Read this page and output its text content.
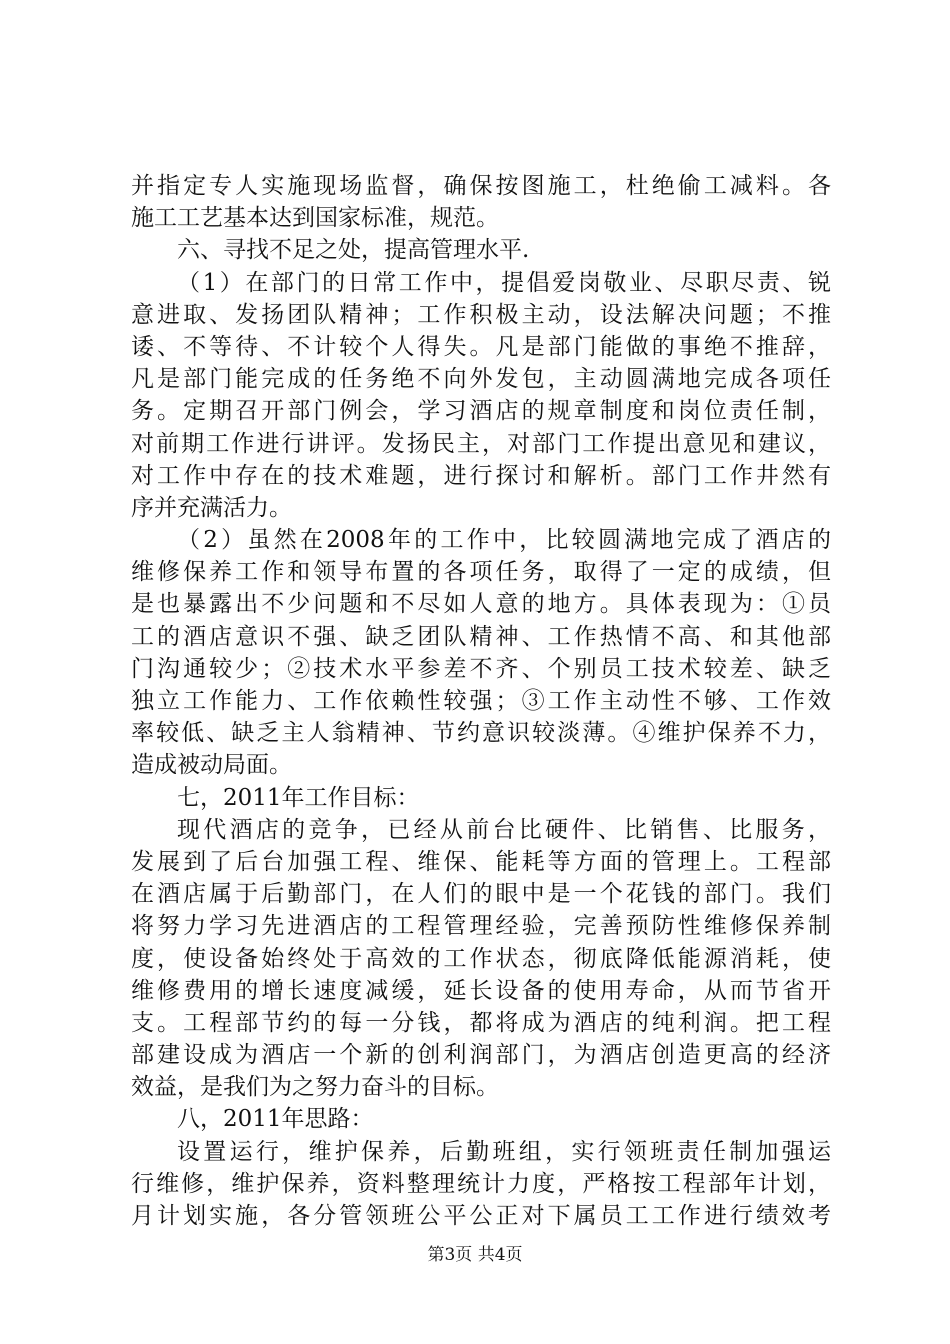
并指定专人实施现场监督，确保按图施工，杜绝偷工减料。各
施工工艺基本达到国家标准，规范。
六、寻找不足之处，提高管理水平.
（1）在部门的日常工作中，提倡爱岗敬业、尽职尽责、锐
意进取、发扬团队精神；工作积极主动，设法解决问题；不推
诿、不等待、不计较个人得失。凡是部门能做的事绝不推辞，
凡是部门能完成的任务绝不向外发包，主动圆满地完成各项任
务。定期召开部门例会，学习酒店的规章制度和岗位责任制，
对前期工作进行讲评。发扬民主，对部门工作提出意见和建议，
对工作中存在的技术难题，进行探讨和解析。部门工作井然有
序并充满活力。
（2）虽然在2008年的工作中，比较圆满地完成了酒店的
维修保养工作和领导布置的各项任务，取得了一定的成绩，但
是也暴露出不少问题和不尽如人意的地方。具体表现为：①员
工的酒店意识不强、缺乏团队精神、工作热情不高、和其他部
门沟通较少；②技术水平参差不齐、个别员工技术较差、缺乏
独立工作能力、工作依赖性较强；③工作主动性不够、工作效
率较低、缺乏主人翁精神、节约意识较淡薄。④维护保养不力，
造成被动局面。
七，2011年工作目标：
现代酒店的竞争，已经从前台比硬件、比销售、比服务，
发展到了后台加强工程、维保、能耗等方面的管理上。工程部
在酒店属于后勤部门，在人们的眼中是一个花钱的部门。我们
将努力学习先进酒店的工程管理经验，完善预防性维修保养制
度，使设备始终处于高效的工作状态，彻底降低能源消耗，使
维修费用的增长速度减缓，延长设备的使用寿命，从而节省开
支。工程部节约的每一分钱，都将成为酒店的纯利润。把工程
部建设成为酒店一个新的创利润部门，为酒店创造更高的经济
效益，是我们为之努力奋斗的目标。
八，2011年思路：
设置运行，维护保养，后勤班组，实行领班责任制加强运
行维修，维护保养，资料整理统计力度，严格按工程部年计划，
月计划实施，各分管领班公平公正对下属员工工作进行绩效考
第3页 共4页
